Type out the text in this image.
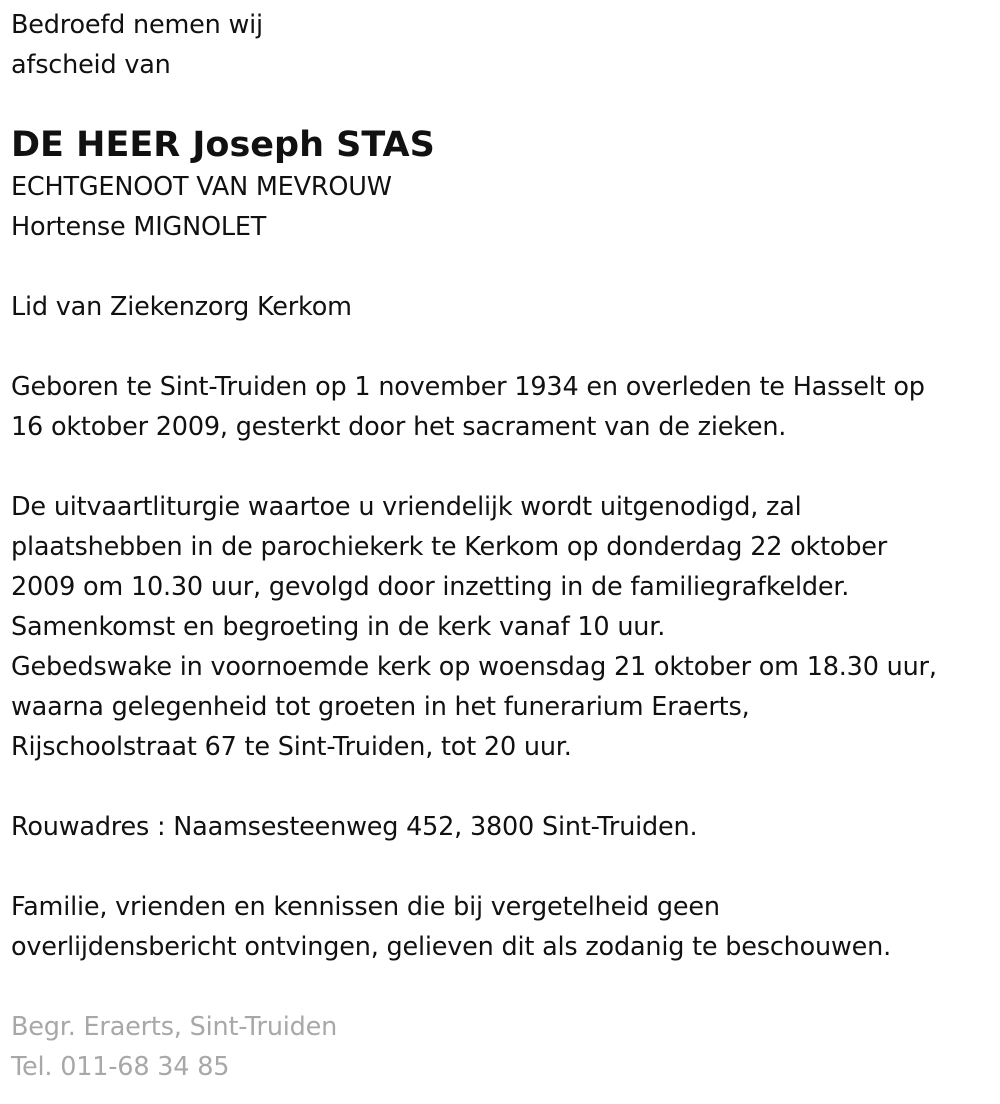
Bedroefd nemen wij
afscheid van
DE HEER Joseph STAS
ECHTGENOOT VAN MEVROUW
Hortense MIGNOLET
Lid van Ziekenzorg Kerkom
Geboren te Sint-Truiden op 1 november 1934 en overleden te Hasselt op
16 oktober 2009, gesterkt door het sacrament van de zieken.
De uitvaartliturgie waartoe u vriendelijk wordt uitgenodigd, zal
plaatshebben in de parochiekerk te Kerkom op donderdag 22 oktober
2009 om 10.30 uur, gevolgd door inzetting in de familiegrafkelder.
Samenkomst en begroeting in de kerk vanaf 10 uur.
Gebedswake in voornoemde kerk op woensdag 21 oktober om 18.30 uur,
waarna gelegenheid tot groeten in het funerarium Eraerts,
Rijschoolstraat 67 te Sint-Truiden, tot 20 uur.
Rouwadres : Naamsesteenweg 452, 3800 Sint-Truiden.
Familie, vrienden en kennissen die bij vergetelheid geen
overlijdensbericht ontvingen, gelieven dit als zodanig te beschouwen.
Begr. Eraerts, Sint-Truiden
Tel. 011-68 34 85
